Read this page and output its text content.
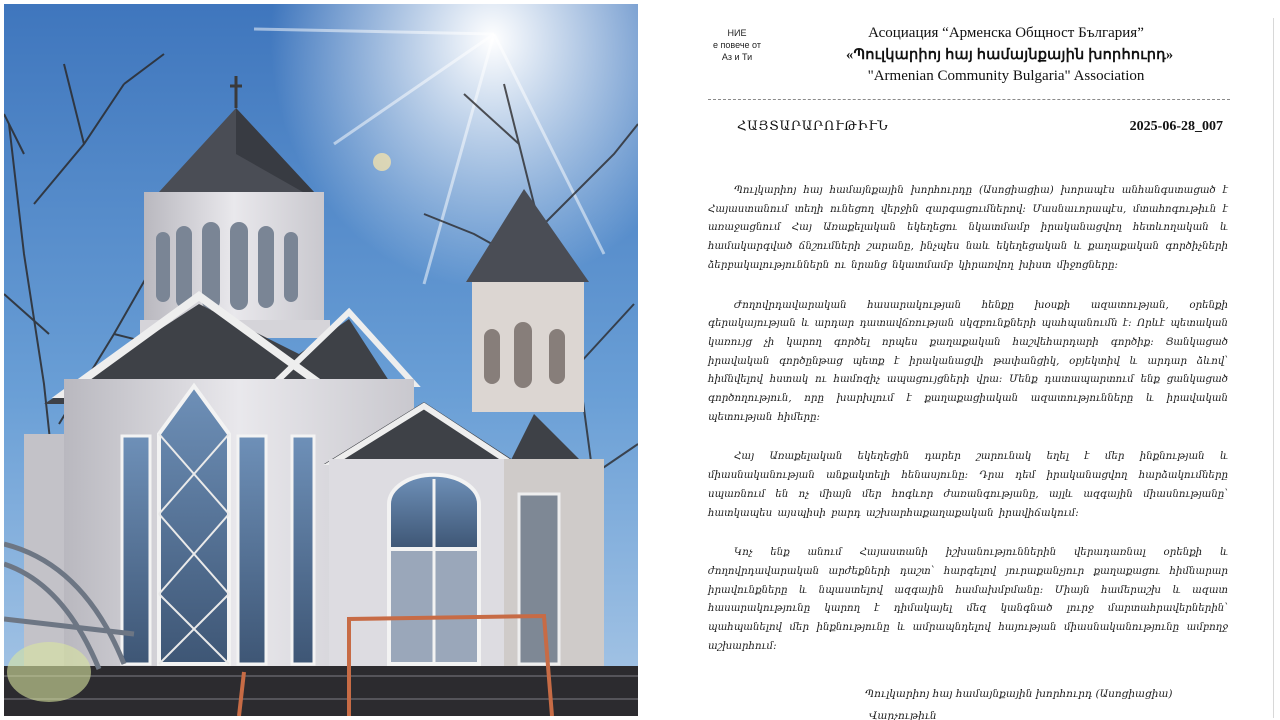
НИЕ
е повече от
Аз и Ти
Асоциация “Арменска Общност България”
«Պուլկարիոյ հայ համայնքային խորհուրդ»
"Armenian Community Bulgaria" Association
ՀԱՅՏԱՐԱՐՈՒԹԻՒՆ	2025-06-28_007

Պուլկարիոյ հայ համայնքային խորհուրդը (Ասոցիացիա) խորապէս անհանգստացած է Հայաստանում տեղի ունեցող վերջին զարգացումներով: Մասնաւորապէս, մտահոգութիւն է առաջացնում Հայ Առաքելական եկեղեցու նկատմամբ իրականացվող հետևողական և համակարգված ճնշումների շարանը, ինչպես նաև եկեղեցական և քաղաքական գործիչների ձերբակալություններն ու նրանց նկատմամբ կիրառվող խիստ միջոցները:

Ժողովրդավարական հասարակության հենքը խօսքի ազատության, օրենքի գերակայության և արդար դատավճռության սկզբունքների պահպանումն է: Որևէ պետական կառույց չի կարող գործել որպես քաղաքական հաշվեհարդարի գործիք: Ցանկացած իրավական գործընթաց պետք է իրականացվի թափանցիկ, օբյեկտիվ և արդար ձևով՝ հիմնվելով հստակ ու համոզիչ ապացույցների վրա: Մենք դատապարտում ենք ցանկացած գործողություն, որը խարխլում է քաղաքացիական ազատությունները և իրավական պետության հիմերը:

Հայ Առաքելական եկեղեցին դարեր շարունակ եղել է մեր ինքնության և միասնականության անքակտելի հենասյունը: Դրա դեմ իրականացվող հարձակումները սպառնում են ոչ միայն մեր հոգևոր ժառանգությանը, այլև ազգային միասնությանը՝ հատկապես այսպիսի բարդ աշխարհաքաղաքական իրավիճակում:

Կոչ ենք անում Հայաստանի իշխանություններին վերադառնալ օրենքի և ժողովրդավարական արժեքների դաշտ՝ հարգելով յուրաքանչյուր քաղաքացու հիմնարար իրավունքները և նպաստելով ազգային համախմբմանը: Միայն համերաշխ և ազատ հասարակությունը կարող է դիմակայել մեզ կանգնած լուրջ մարտահրավերներին՝ պահպանելով մեր ինքնությունը և ամրապնդելով հայության միասնականությունը ամբողջ աշխարհում:

Պուլկարիոյ հայ համայնքային խորհուրդ (Ասոցիացիա)
Վարչութիւն
